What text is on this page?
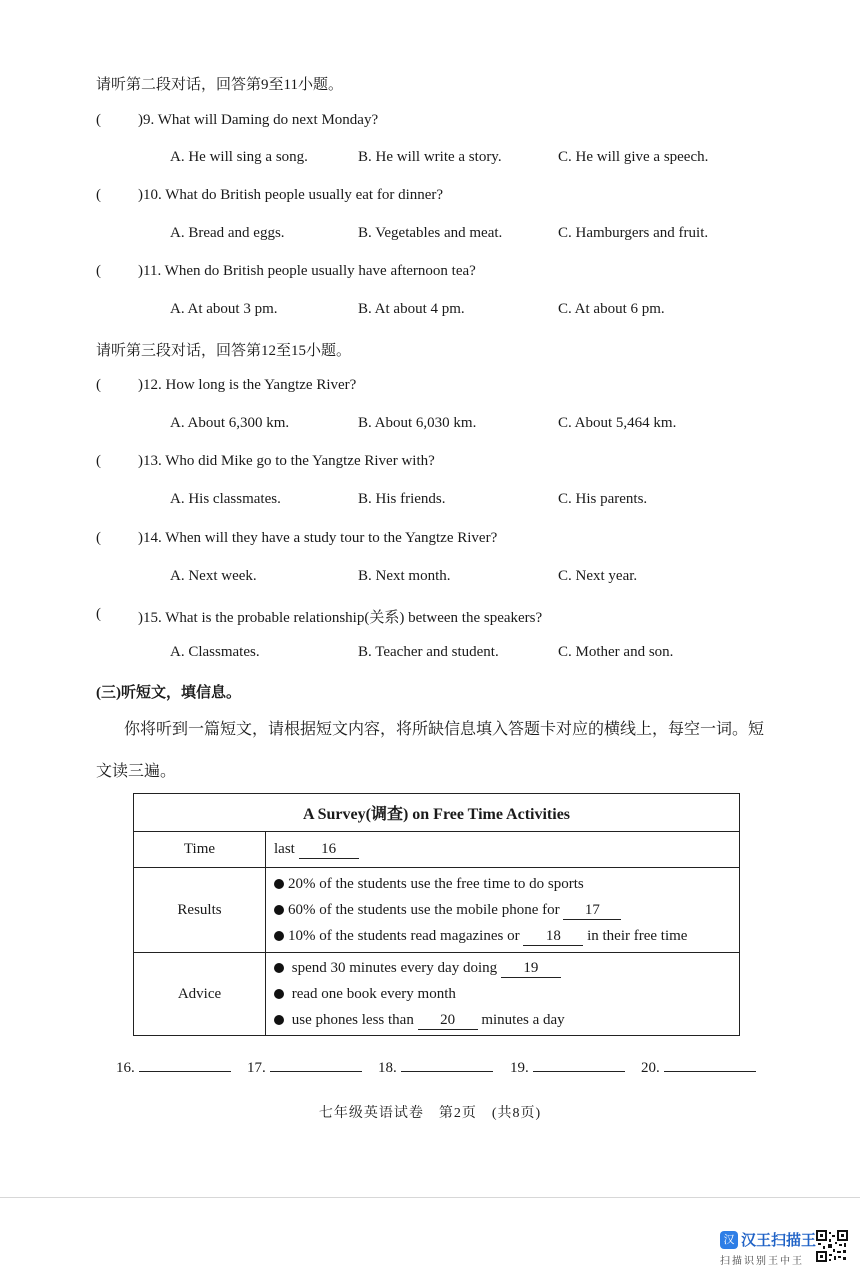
请听第二段对话，回答第9至11小题。
( )9. What will Daming do next Monday?
A. He will sing a song.	B. He will write a story.	C. He will give a speech.
( )10. What do British people usually eat for dinner?
A. Bread and eggs.	B. Vegetables and meat.	C. Hamburgers and fruit.
( )11. When do British people usually have afternoon tea?
A. At about 3 pm.	B. At about 4 pm.	C. At about 6 pm.
请听第三段对话，回答第12至15小题。
( )12. How long is the Yangtze River?
A. About 6,300 km.	B. About 6,030 km.	C. About 5,464 km.
( )13. Who did Mike go to the Yangtze River with?
A. His classmates.	B. His friends.	C. His parents.
( )14. When will they have a study tour to the Yangtze River?
A. Next week.	B. Next month.	C. Next year.
( )15. What is the probable relationship(关系) between the speakers?
A. Classmates.	B. Teacher and student.	C. Mother and son.
(三)听短文，填信息。
你将听到一篇短文，请根据短文内容，将所缺信息填入答题卡对应的横线上，每空一词。短
文读三遍。
A Survey(调查) on Free Time Activities	
Time	last 16
Results	20% of the students use the free time to do sports
60% of the students use the mobile phone for 17
10% of the students read magazines or 18 in their free time

Advice	spend 30 minutes every day doing 19
read one book every month
use phones less than 20 minutes a day
16.	17.	18.	19.	20.
七年级英语试卷　第2页　(共8页)
汉 汉王扫描王
扫描识别王中王
